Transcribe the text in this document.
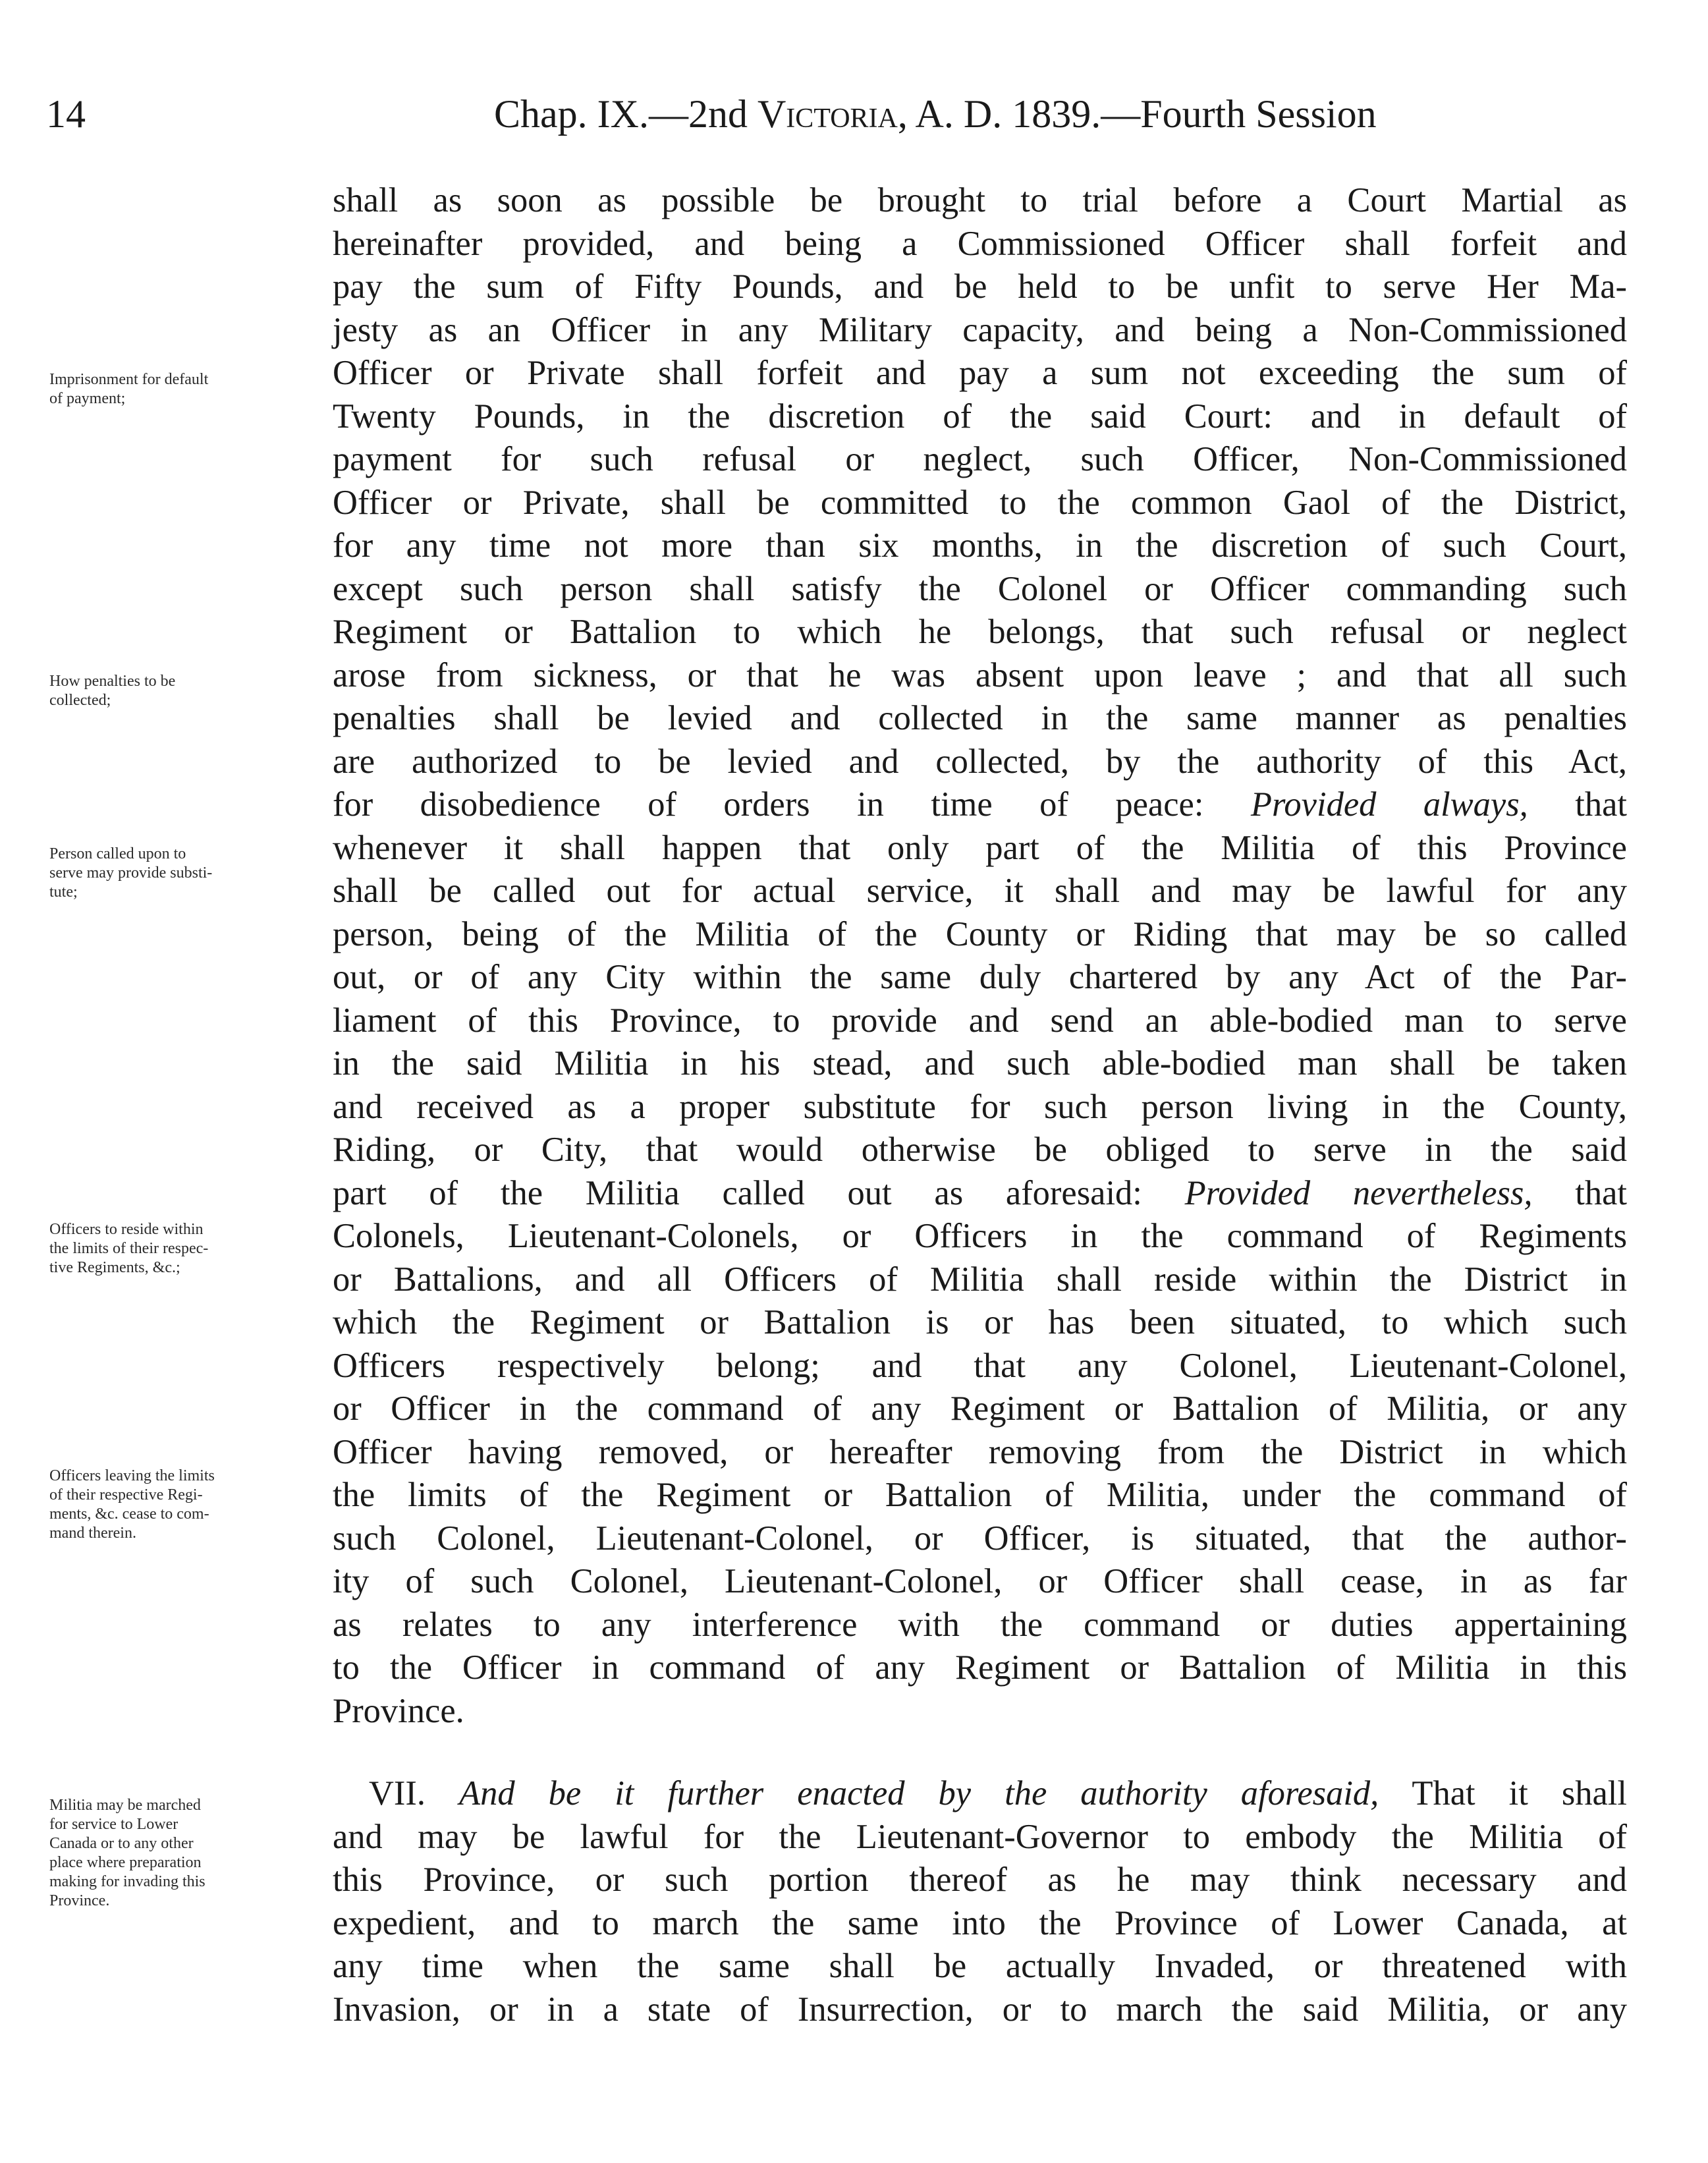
14	Chap. IX.—2nd Victoria, A. D. 1839.—Fourth Session
Imprisonment for default
of payment;
How penalties to be
collected;
Person called upon to
serve may provide substi-
tute;
Officers to reside within
the limits of their respec-
tive Regiments, &c.;
Officers leaving the limits
of their respective Regi-
ments, &c. cease to com-
mand therein.
Militia may be marched
for service to Lower
Canada or to any other
place where preparation
making for invading this
Province.
shall as soon as possible be brought to trial before a Court Martial as
hereinafter provided, and being a Commissioned Officer shall forfeit and
pay the sum of Fifty Pounds, and be held to be unfit to serve Her Ma-
jesty as an Officer in any Military capacity, and being a Non-Commissioned
Officer or Private shall forfeit and pay a sum not exceeding the sum of
Twenty Pounds, in the discretion of the said Court: and in default of
payment for such refusal or neglect, such Officer, Non-Commissioned
Officer or Private, shall be committed to the common Gaol of the District,
for any time not more than six months, in the discretion of such Court,
except such person shall satisfy the Colonel or Officer commanding such
Regiment or Battalion to which he belongs, that such refusal or neglect
arose from sickness, or that he was absent upon leave ; and that all such
penalties shall be levied and collected in the same manner as penalties
are authorized to be levied and collected, by the authority of this Act,
for disobedience of orders in time of peace: Provided always, that
whenever it shall happen that only part of the Militia of this Province
shall be called out for actual service, it shall and may be lawful for any
person, being of the Militia of the County or Riding that may be so called
out, or of any City within the same duly chartered by any Act of the Par-
liament of this Province, to provide and send an able-bodied man to serve
in the said Militia in his stead, and such able-bodied man shall be taken
and received as a proper substitute for such person living in the County,
Riding, or City, that would otherwise be obliged to serve in the said
part of the Militia called out as aforesaid: Provided nevertheless, that
Colonels, Lieutenant-Colonels, or Officers in the command of Regiments
or Battalions, and all Officers of Militia shall reside within the District in
which the Regiment or Battalion is or has been situated, to which such
Officers respectively belong; and that any Colonel, Lieutenant-Colonel,
or Officer in the command of any Regiment or Battalion of Militia, or any
Officer having removed, or hereafter removing from the District in which
the limits of the Regiment or Battalion of Militia, under the command of
such Colonel, Lieutenant-Colonel, or Officer, is situated, that the author-
ity of such Colonel, Lieutenant-Colonel, or Officer shall cease, in as far
as relates to any interference with the command or duties appertaining
to the Officer in command of any Regiment or Battalion of Militia in this
Province.
VII. And be it further enacted by the authority aforesaid, That it shall
and may be lawful for the Lieutenant-Governor to embody the Militia of
this Province, or such portion thereof as he may think necessary and
expedient, and to march the same into the Province of Lower Canada, at
any time when the same shall be actually Invaded, or threatened with
Invasion, or in a state of Insurrection, or to march the said Militia, or any
